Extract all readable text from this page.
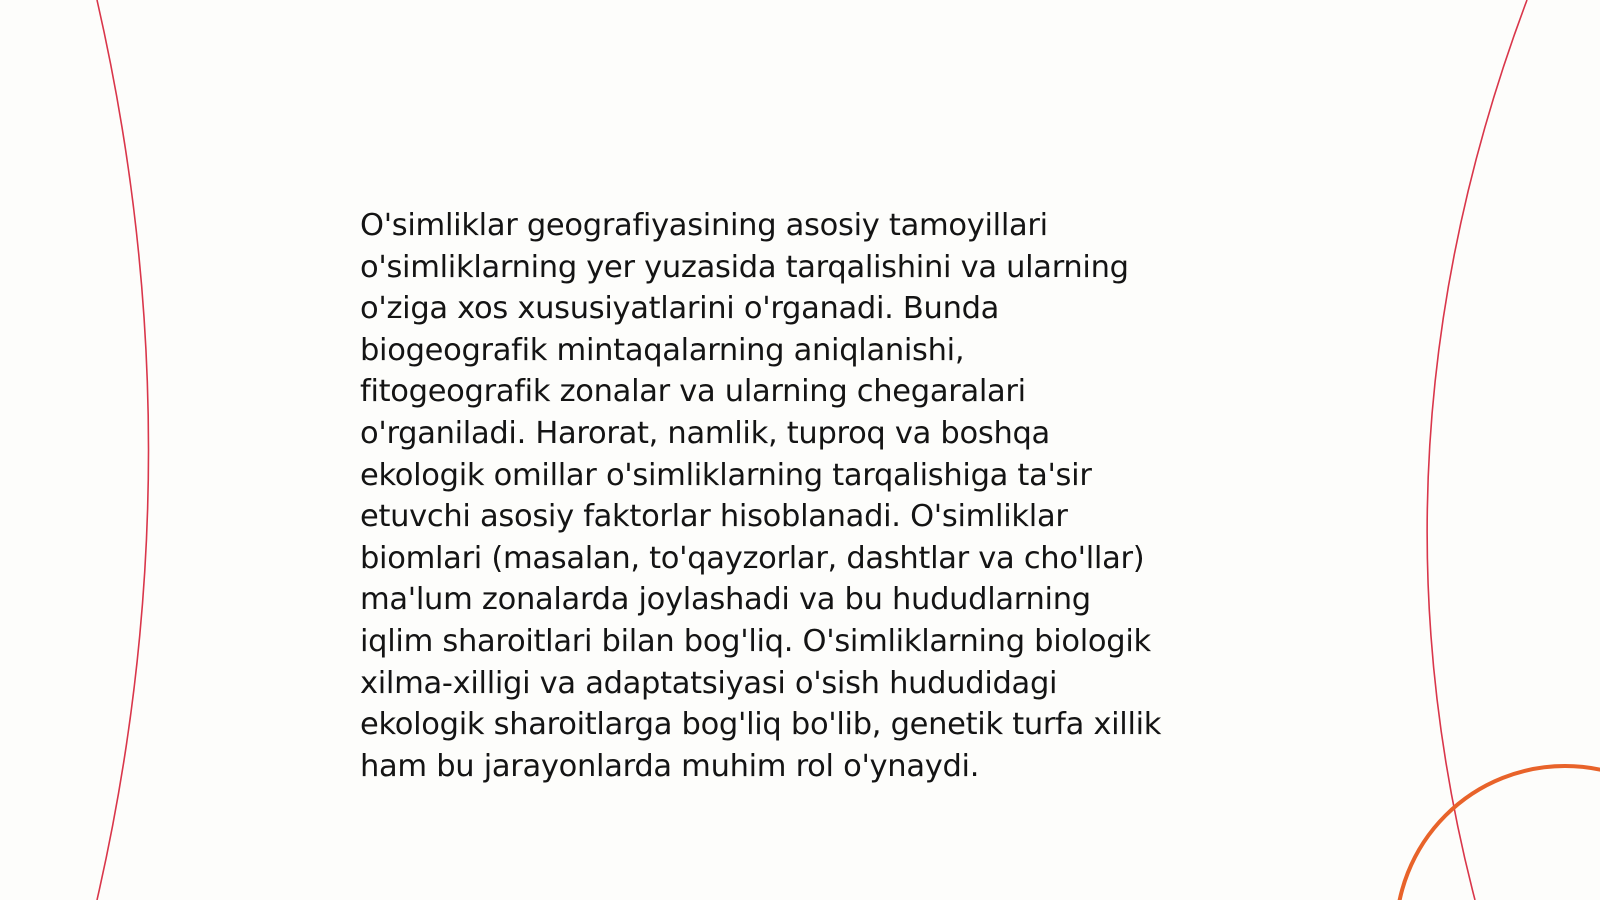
O'simliklar geografiyasining asosiy tamoyillari
o'simliklarning yer yuzasida tarqalishini va ularning
o'ziga xos xususiyatlarini o'rganadi. Bunda
biogeografik mintaqalarning aniqlanishi,
fitogeografik zonalar va ularning chegaralari
o'rganiladi. Harorat, namlik, tuproq va boshqa
ekologik omillar o'simliklarning tarqalishiga ta'sir
etuvchi asosiy faktorlar hisoblanadi. O'simliklar
biomlari (masalan, to'qayzorlar, dashtlar va cho'llar)
ma'lum zonalarda joylashadi va bu hududlarning
iqlim sharoitlari bilan bog'liq. O'simliklarning biologik
xilma-xilligi va adaptatsiyasi o'sish hududidagi
ekologik sharoitlarga bog'liq bo'lib, genetik turfa xillik
ham bu jarayonlarda muhim rol o'ynaydi.
